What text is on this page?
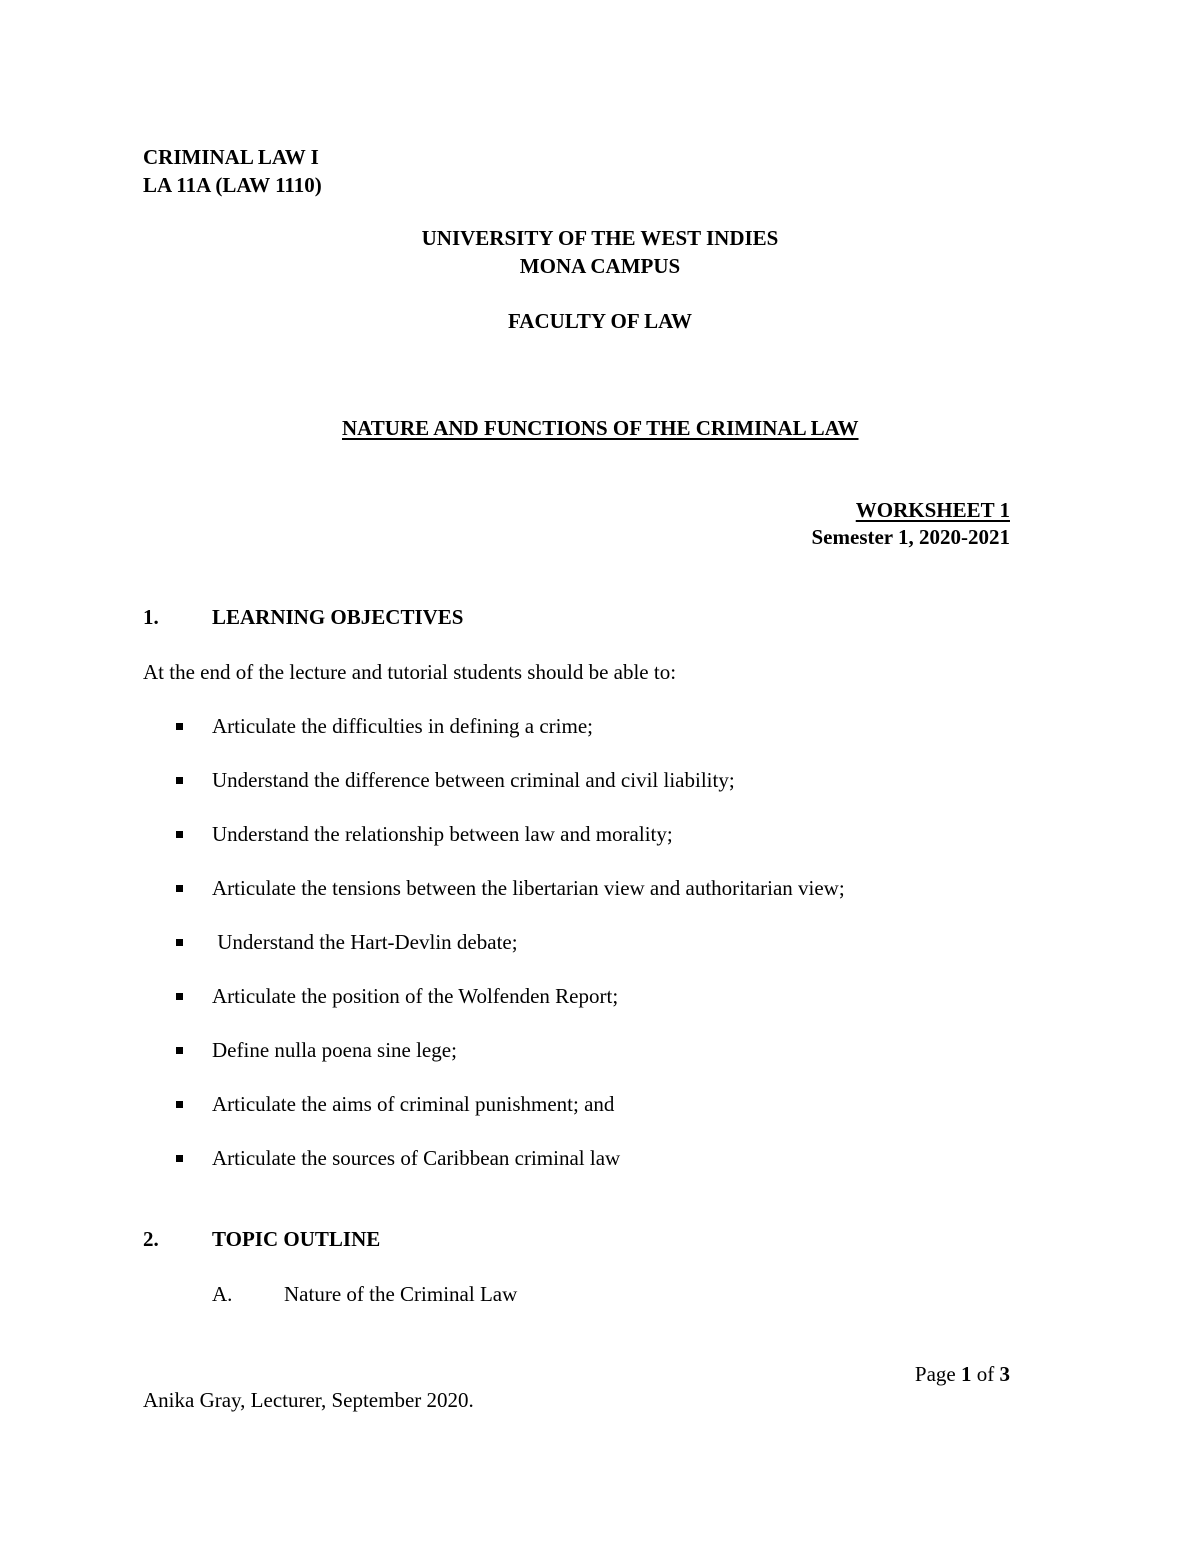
CRIMINAL LAW I
LA 11A (LAW 1110)
UNIVERSITY OF THE WEST INDIES
MONA CAMPUS
FACULTY OF LAW
NATURE AND FUNCTIONS OF THE CRIMINAL LAW
WORKSHEET 1
Semester 1, 2020-2021
1.	LEARNING OBJECTIVES
At the end of the lecture and tutorial students should be able to:
Articulate the difficulties in defining a crime;
Understand the difference between criminal and civil liability;
Understand the relationship between law and morality;
Articulate the tensions between the libertarian view and authoritarian view;
Understand the Hart-Devlin debate;
Articulate the position of the Wolfenden Report;
Define nulla poena sine lege;
Articulate the aims of criminal punishment; and
Articulate the sources of Caribbean criminal law
2.	TOPIC OUTLINE
A. Nature of the Criminal Law
Page 1 of 3
Anika Gray, Lecturer, September 2020.
